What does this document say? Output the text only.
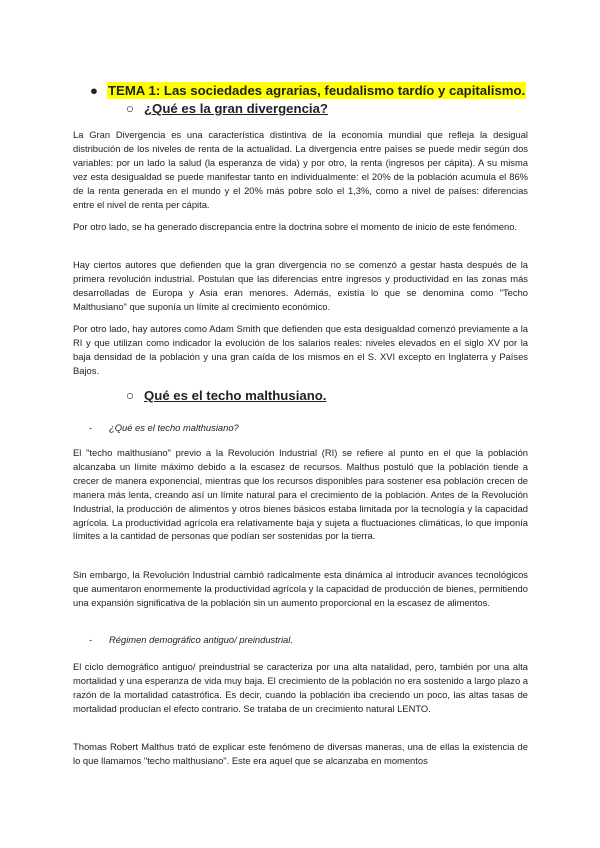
● TEMA 1: Las sociedades agrarias, feudalismo tardío y capitalismo.
○ ¿Qué es la gran divergencia?

La Gran Divergencia es una característica distintiva de la economía mundial que refleja la desigual distribución de los niveles de renta de la actualidad. La divergencia entre países se puede medir según dos variables: por un lado la salud (la esperanza de vida) y por otro, la renta (ingresos per cápita). A su misma vez esta desigualdad se puede manifestar tanto en individualmente: el 20% de la población acumula el 86% de la renta generada en el mundo y el 20% más pobre solo el 1,3%, como a nivel de países: diferencias entre el nivel de renta per cápita.

Por otro lado, se ha generado discrepancia entre la doctrina sobre el momento de inicio de este fenómeno.

Hay ciertos autores que defienden que la gran divergencia no se comenzó a gestar hasta después de la primera revolución industrial. Postulan que las diferencias entre ingresos y productividad en las zonas más desarrolladas de Europa y Asia eran menores. Además, existía lo que se denomina como "Techo Malthusiano" que suponía un límite al crecimiento económico.

Por otro lado, hay autores como Adam Smith que defienden que esta desigualdad comenzó previamente a la RI y que utilizan como indicador la evolución de los salarios reales: niveles elevados en el siglo XV por la baja densidad de la población y una gran caída de los mismos en el S. XVI excepto en Inglaterra y Países Bajos.

○ Qué es el techo malthusiano.
- ¿Qué es el techo malthusiano?

El "techo malthusiano" previo a la Revolución Industrial (RI) se refiere al punto en el que la población alcanzaba un límite máximo debido a la escasez de recursos. Malthus postuló que la población tiende a crecer de manera exponencial, mientras que los recursos disponibles para sostener esa población crecen de manera más lenta, creando así un límite natural para el crecimiento de la población. Antes de la Revolución Industrial, la producción de alimentos y otros bienes básicos estaba limitada por la tecnología y la capacidad agrícola. La productividad agrícola era relativamente baja y sujeta a fluctuaciones climáticas, lo que imponía límites a la cantidad de personas que podían ser sostenidas por la tierra.

Sin embargo, la Revolución Industrial cambió radicalmente esta dinámica al introducir avances tecnológicos que aumentaron enormemente la productividad agrícola y la capacidad de producción de bienes, permitiendo una expansión significativa de la población sin un aumento proporcional en la escasez de alimentos.

- Régimen demográfico antiguo/ preindustrial.

El ciclo demográfico antiguo/ preindustrial se caracteriza por una alta natalidad, pero, también por una alta mortalidad y una esperanza de vida muy baja. El crecimiento de la población no era sostenido a largo plazo a razón de la mortalidad catastrófica. Es decir, cuando la población iba creciendo un poco, las altas tasas de mortalidad producían el efecto contrario. Se trataba de un crecimiento natural LENTO.

Thomas Robert Malthus trató de explicar este fenómeno de diversas maneras, una de ellas la existencia de lo que llamamos "techo malthusiano". Este era aquel que se alcanzaba en momentos
